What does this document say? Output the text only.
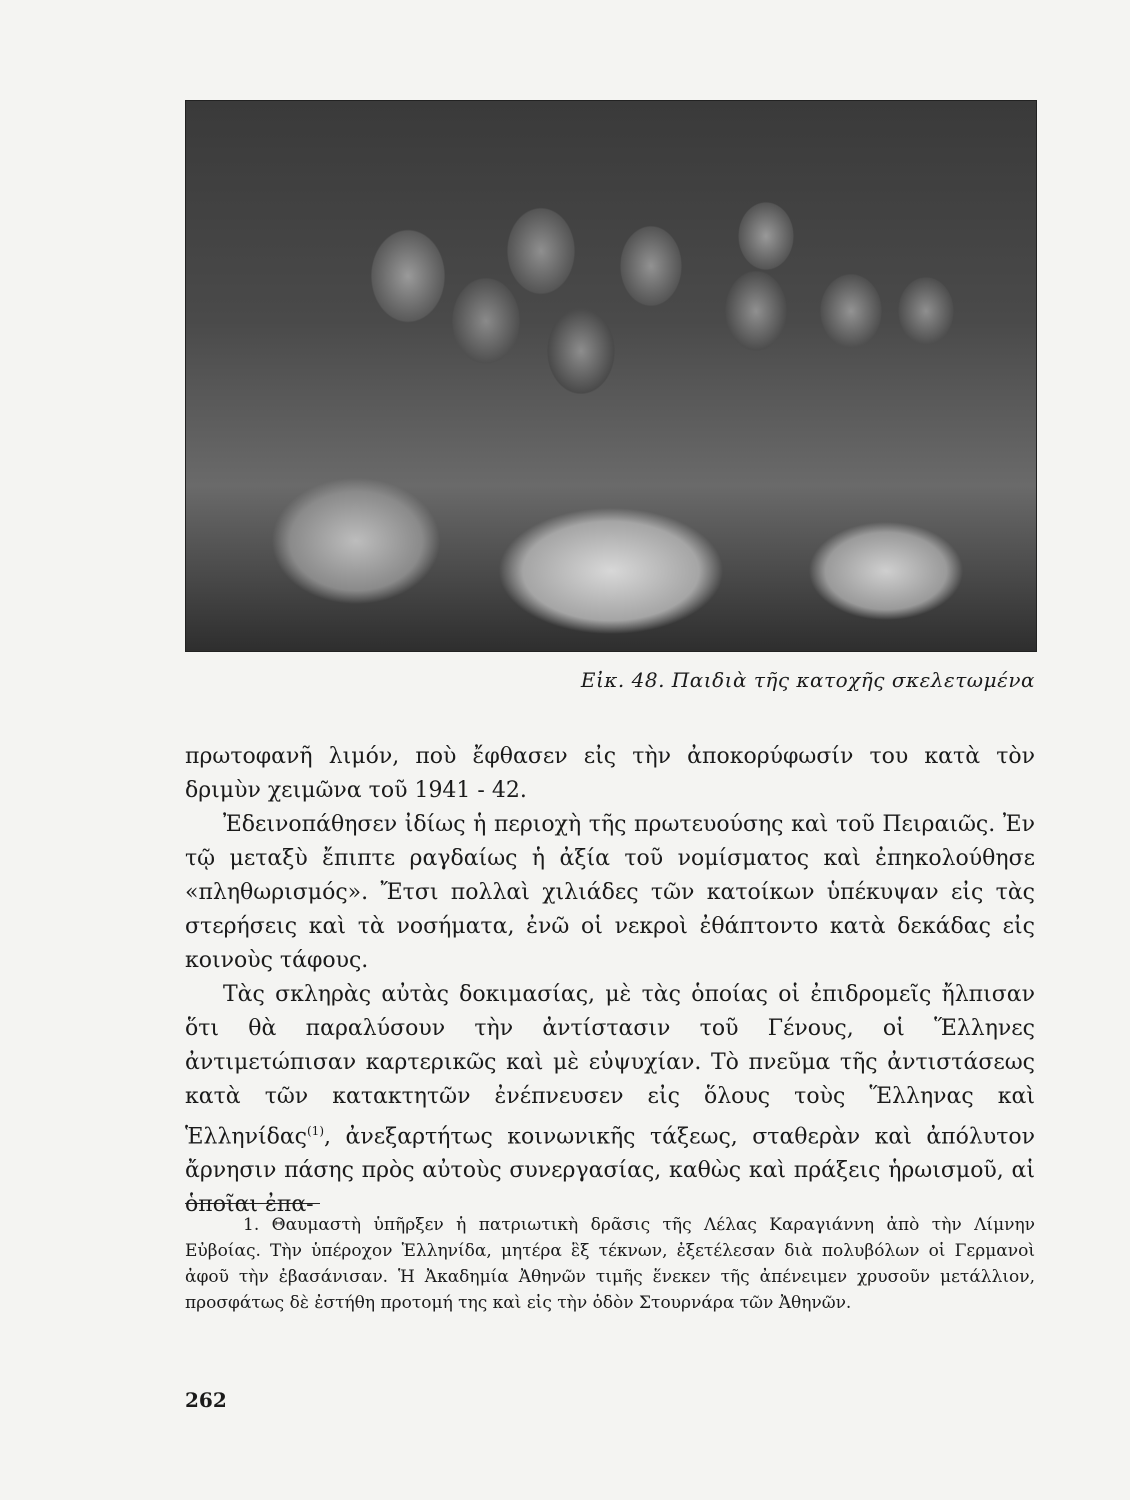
Εἰκ. 48. Παιδιὰ τῆς κατοχῆς σκελετωμένα

πρωτοφανῆ λιμόν, ποὺ ἔφθασεν εἰς τὴν ἀποκορύφωσίν του κατὰ τὸν δριμὺν χειμῶνα τοῦ 1941 - 42.

Ἐδεινοπάθησεν ἰδίως ἡ περιοχὴ τῆς πρωτευούσης καὶ τοῦ Πειραιῶς. Ἐν τῷ μεταξὺ ἔπιπτε ραγδαίως ἡ ἀξία τοῦ νομίσματος καὶ ἐπηκολούθησε «πληθωρισμός». Ἔτσι πολλαὶ χιλιάδες τῶν κατοίκων ὑπέκυψαν εἰς τὰς στερήσεις καὶ τὰ νοσήματα, ἐνῶ οἱ νεκροὶ ἐθάπτοντο κατὰ δεκάδας εἰς κοινοὺς τάφους.

Τὰς σκληρὰς αὐτὰς δοκιμασίας, μὲ τὰς ὁποίας οἱ ἐπιδρομεῖς ἤλπισαν ὅτι θὰ παραλύσουν τὴν ἀντίστασιν τοῦ Γένους, οἱ Ἕλληνες ἀντιμετώπισαν καρτερικῶς καὶ μὲ εὐψυχίαν. Τὸ πνεῦμα τῆς ἀντιστάσεως κατὰ τῶν κατακτητῶν ἐνέπνευσεν εἰς ὅλους τοὺς Ἕλληνας καὶ Ἑλληνίδας$^{(1)}$, ἀνεξαρτήτως κοινωνικῆς τάξεως, σταθερὰν καὶ ἀπόλυτον ἄρνησιν πάσης πρὸς αὐτοὺς συνεργασίας, καθὼς καὶ πράξεις ἡρωισμοῦ, αἱ ὁποῖαι ἐπα-

1. Θαυμαστὴ ὑπῆρξεν ἡ πατριωτικὴ δρᾶσις τῆς Λέλας Καραγιάννη ἀπὸ τὴν Λίμνην Εὐβοίας. Τὴν ὑπέροχον Ἑλληνίδα, μητέρα ἓξ τέκνων, ἐξετέλεσαν διὰ πολυβόλων οἱ Γερμανοὶ ἀφοῦ τὴν ἐβασάνισαν. Ἡ Ἀκαδημία Ἀθηνῶν τιμῆς ἕνεκεν τῆς ἀπένειμεν χρυσοῦν μετάλλιον, προσφάτως δὲ ἐστήθη προτομή της καὶ εἰς τὴν ὁδὸν Στουρνάρα τῶν Ἀθηνῶν.

262
